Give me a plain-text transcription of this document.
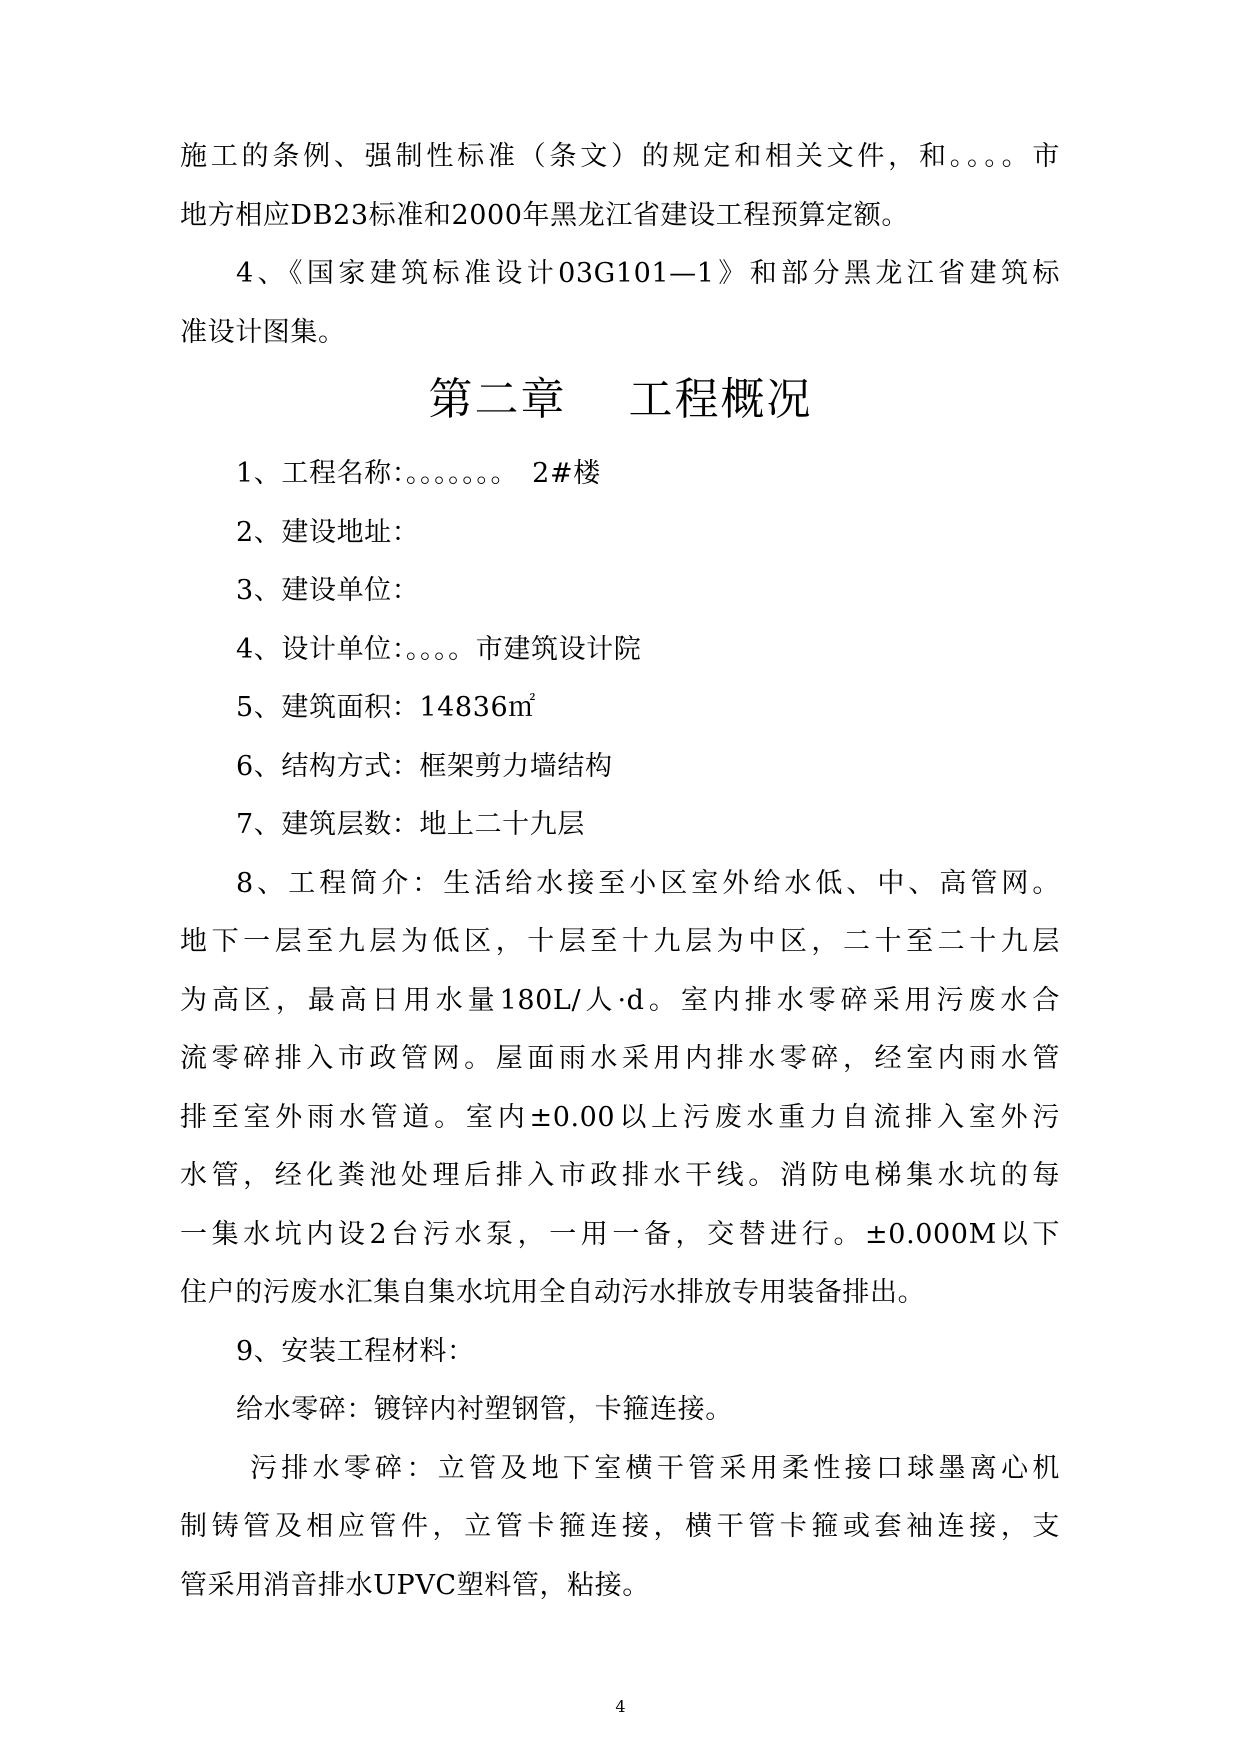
施工的条例、强制性标准（条文）的规定和相关文件，和。。。。市
地方相应DB23标准和2000年黑龙江省建设工程预算定额。
4、《国家建筑标准设计03G101—1》和部分黑龙江省建筑标
准设计图集。
第二章　 工程概况
1、工程名称：。。。。。。。　2#楼
2、建设地址：
3、建设单位：
4、设计单位：。。。。市建筑设计院
5、建筑面积：14836㎡
6、结构方式：框架剪力墙结构
7、建筑层数：地上二十九层
8、工程简介：生活给水接至小区室外给水低、中、高管网。
地下一层至九层为低区，十层至十九层为中区，二十至二十九层
为高区，最高日用水量180L/人·d。室内排水零碎采用污废水合
流零碎排入市政管网。屋面雨水采用内排水零碎，经室内雨水管
排至室外雨水管道。室内±0.00以上污废水重力自流排入室外污
水管，经化粪池处理后排入市政排水干线。消防电梯集水坑的每
一集水坑内设2台污水泵，一用一备，交替进行。±0.000M以下
住户的污废水汇集自集水坑用全自动污水排放专用装备排出。
9、安装工程材料：
给水零碎：镀锌内衬塑钢管，卡箍连接。
污排水零碎：立管及地下室横干管采用柔性接口球墨离心机
制铸管及相应管件，立管卡箍连接，横干管卡箍或套袖连接，支
管采用消音排水UPVC塑料管，粘接。
4
